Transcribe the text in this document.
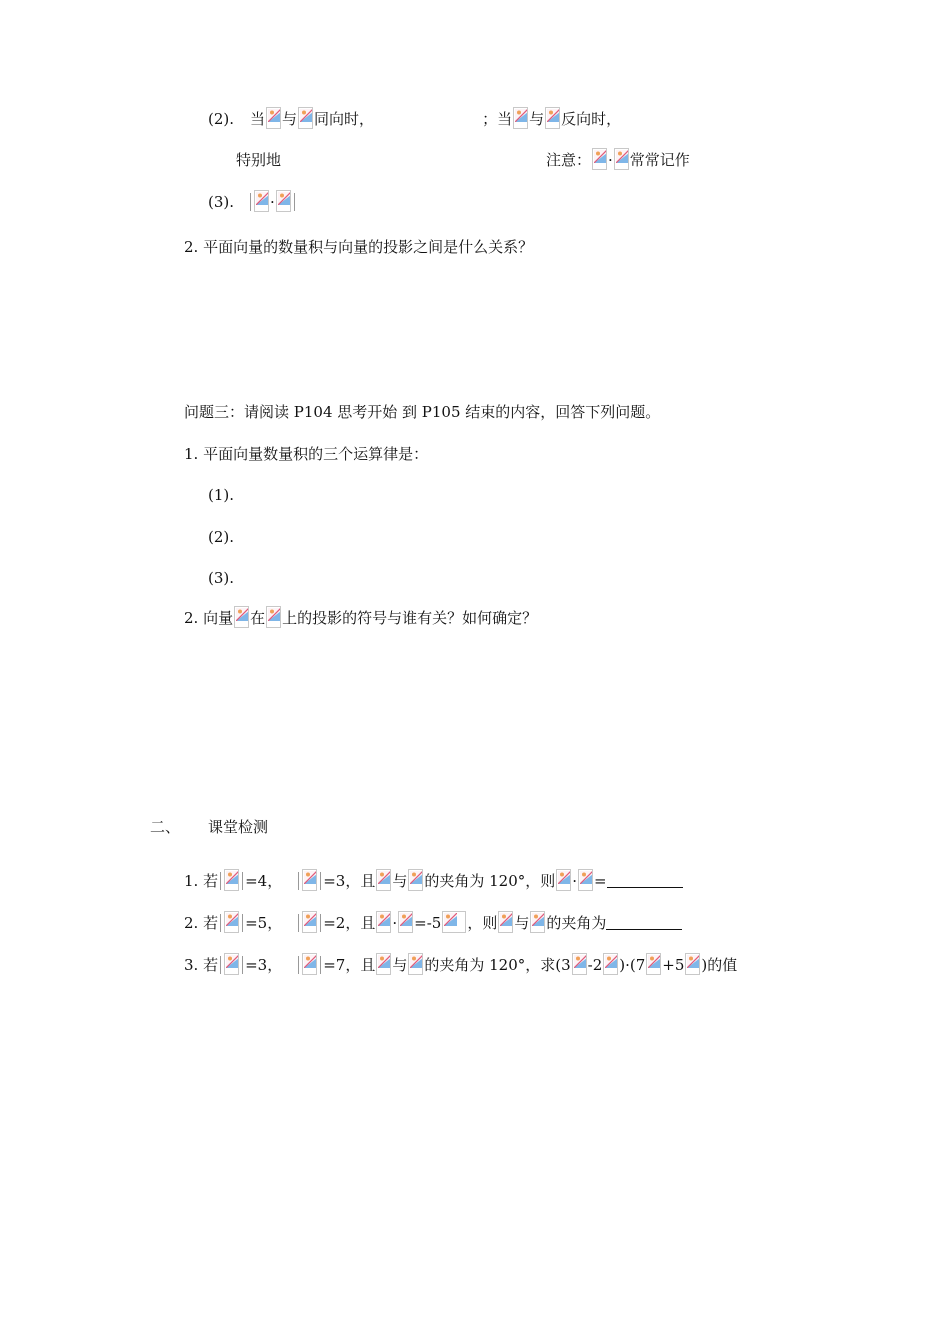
(2). 当 与 同向时，	；当 与 反向时，
特别地	注意： · 常常记作
(3). ·
2. 平面向量的数量积与向量的投影之间是什么关系？
问题三：请阅读 P104 思考开始 到 P105 结束的内容，回答下列问题。
1. 平面向量数量积的三个运算律是：
(1).
(2).
(3).
2. 向量 在 上的投影的符号与谁有关？如何确定？
二、 课堂检测
1. 若 =4，	=3，且 与 的夹角为 120°，则 · =
2. 若 =5，	=2，且 · =-5 ，则 与 的夹角为
3. 若 =3，	=7，且 与 的夹角为 120°，求(3 -2 )·(7 +5 )的值
